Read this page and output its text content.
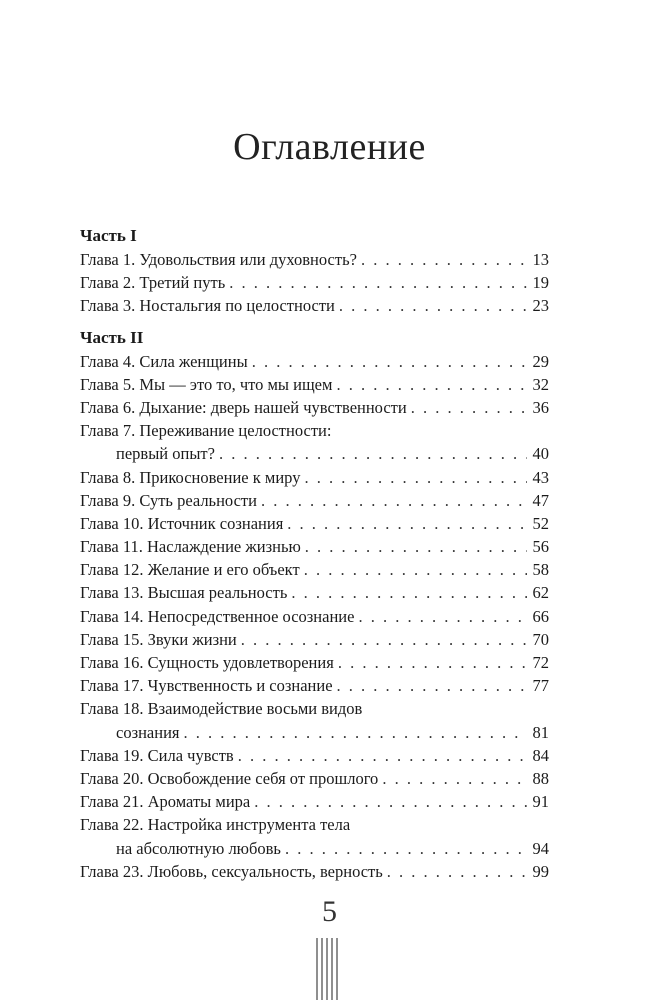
Оглавление
Часть I
Глава 1. Удовольствия или духовность? . . .	13
Глава 2. Третий путь . . .	19
Глава 3. Ностальгия по целостности . . .	23
Часть II
Глава 4. Сила женщины . . .	29
Глава 5. Мы — это то, что мы ищем . . .	32
Глава 6. Дыхание: дверь нашей чувственности . . .	36
Глава 7. Переживание целостности:
первый опыт? . . .	40
Глава 8. Прикосновение к миру . . .	43
Глава 9. Суть реальности . . .	47
Глава 10. Источник сознания . . .	52
Глава 11. Наслаждение жизнью . . .	56
Глава 12. Желание и его объект . . .	58
Глава 13. Высшая реальность . . .	62
Глава 14. Непосредственное осознание . . .	66
Глава 15. Звуки жизни . . .	70
Глава 16. Сущность удовлетворения . . .	72
Глава 17. Чувственность и сознание . . .	77
Глава 18. Взаимодействие восьми видов
сознания . . .	81
Глава 19. Сила чувств . . .	84
Глава 20. Освобождение себя от прошлого . . .	88
Глава 21. Ароматы мира . . .	91
Глава 22. Настройка инструмента тела
на абсолютную любовь . . .	94
Глава 23. Любовь, сексуальность, верность . . .	99
5
